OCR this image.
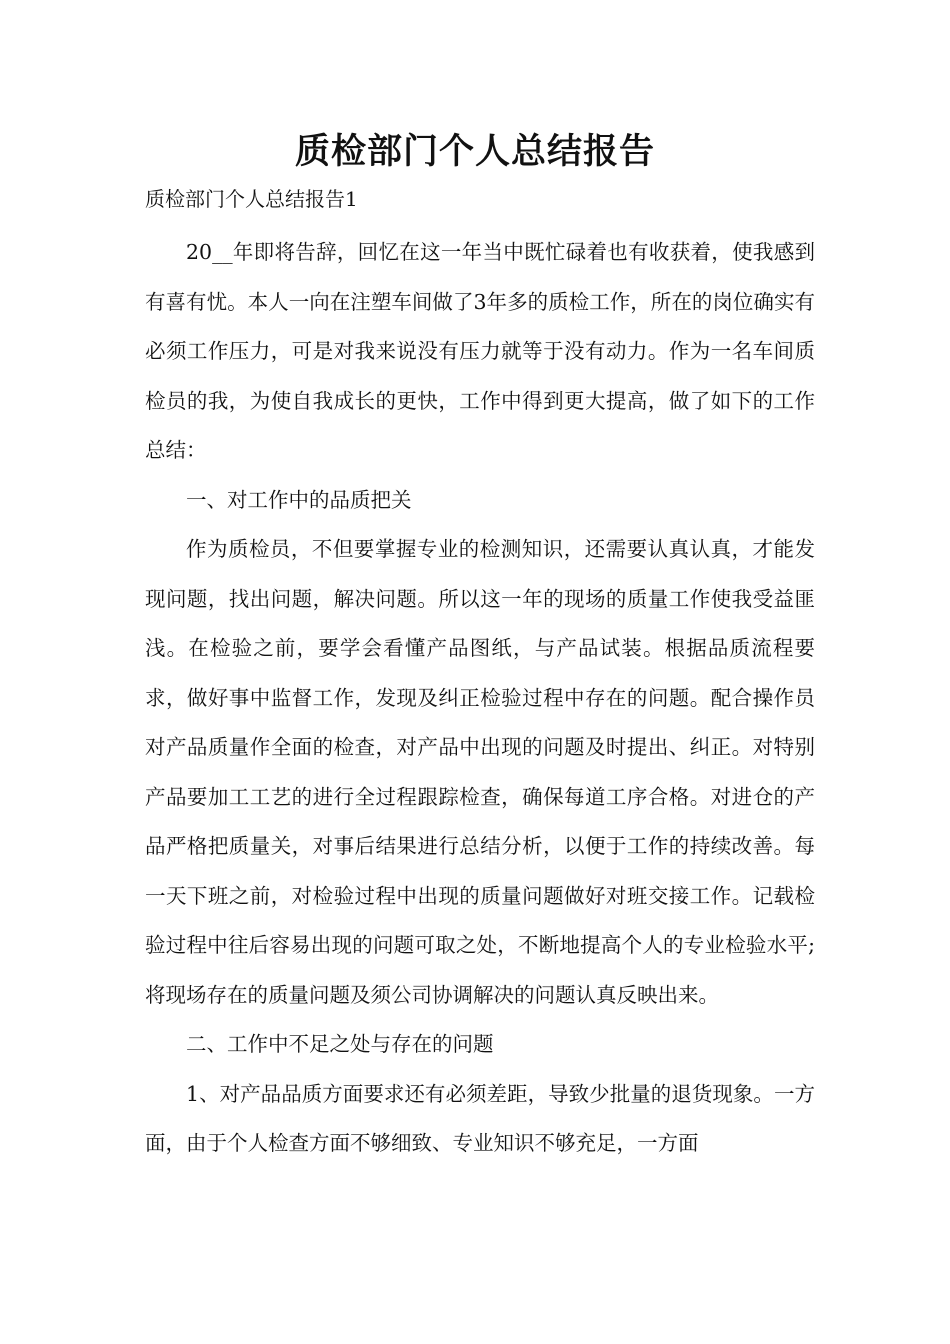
质检部门个人总结报告
质检部门个人总结报告1

20__年即将告辞，回忆在这一年当中既忙碌着也有收获着，使我感到有喜有忧。本人一向在注塑车间做了3年多的质检工作，所在的岗位确实有必须工作压力，可是对我来说没有压力就等于没有动力。作为一名车间质检员的我，为使自我成长的更快，工作中得到更大提高，做了如下的工作总结：

一、对工作中的品质把关

作为质检员，不但要掌握专业的检测知识，还需要认真认真，才能发现问题，找出问题，解决问题。所以这一年的现场的质量工作使我受益匪浅。在检验之前，要学会看懂产品图纸，与产品试装。根据品质流程要求，做好事中监督工作，发现及纠正检验过程中存在的问题。配合操作员对产品质量作全面的检查，对产品中出现的问题及时提出、纠正。对特别产品要加工工艺的进行全过程跟踪检查，确保每道工序合格。对进仓的产品严格把质量关，对事后结果进行总结分析，以便于工作的持续改善。每一天下班之前，对检验过程中出现的质量问题做好对班交接工作。记载检验过程中往后容易出现的问题可取之处，不断地提高个人的专业检验水平;将现场存在的质量问题及须公司协调解决的问题认真反映出来。

二、工作中不足之处与存在的问题

1、对产品品质方面要求还有必须差距，导致少批量的退货现象。一方面，由于个人检查方面不够细致、专业知识不够充足，一方面
